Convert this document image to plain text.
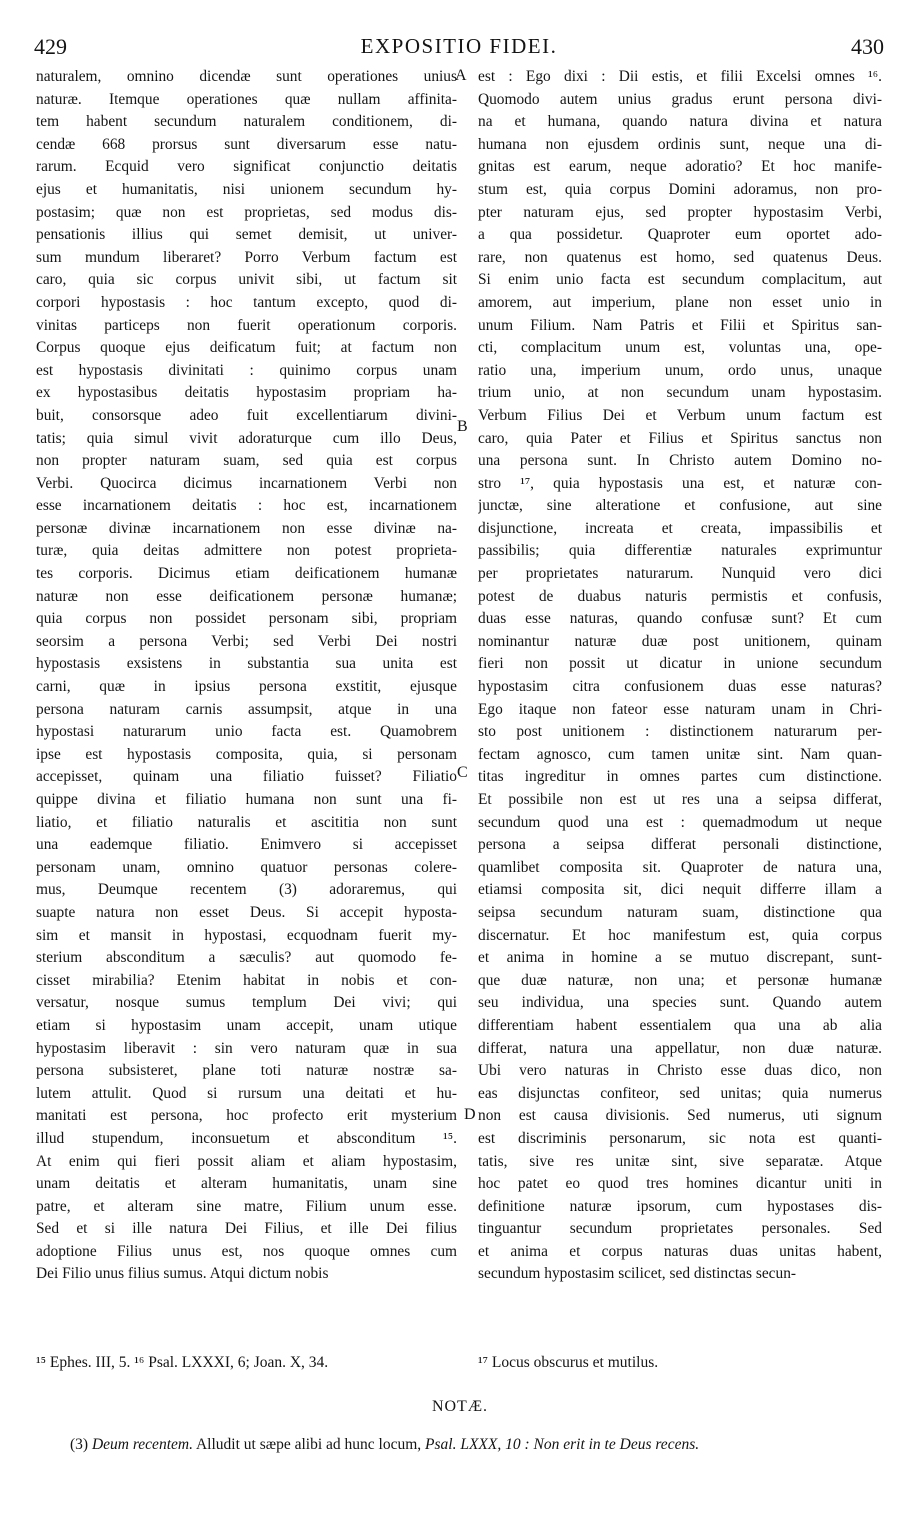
429	EXPOSITIO FIDEI.	430
naturalem, omnino dicendæ sunt operationes unius
naturæ. Itemque operationes quæ nullam affinita-
tem habent secundum naturalem conditionem, di-
cendæ 668 prorsus sunt diversarum esse natu-
rarum. Ecquid vero significat conjunctio deitatis
ejus et humanitatis, nisi unionem secundum hy-
postasim; quæ non est proprietas, sed modus dis-
pensationis illius qui semet demisit, ut univer-
sum mundum liberaret? Porro Verbum factum est
caro, quia sic corpus univit sibi, ut factum sit
corpori hypostasis : hoc tantum excepto, quod di-
vinitas particeps non fuerit operationum corporis.
Corpus quoque ejus deificatum fuit; at factum non
est hypostasis divinitati : quinimo corpus unam
ex hypostasibus deitatis hypostasim propriam ha-
buit, consorsque adeo fuit excellentiarum divini-
tatis; quia simul vivit adoraturque cum illo Deus,
non propter naturam suam, sed quia est corpus
Verbi. Quocirca dicimus incarnationem Verbi non
esse incarnationem deitatis : hoc est, incarnationem
personæ divinæ incarnationem non esse divinæ na-
turæ, quia deitas admittere non potest proprieta-
tes corporis. Dicimus etiam deificationem humanæ
naturæ non esse deificationem personæ humanæ;
quia corpus non possidet personam sibi, propriam
seorsim a persona Verbi; sed Verbi Dei nostri
hypostasis exsistens in substantia sua unita est
carni, quæ in ipsius persona exstitit, ejusque
persona naturam carnis assumpsit, atque in una
hypostasi naturarum unio facta est. Quamobrem
ipse est hypostasis composita, quia, si personam
accepisset, quinam una filiatio fuisset? Filiatio
quippe divina et filiatio humana non sunt una fi-
liatio, et filiatio naturalis et ascititia non sunt
una eademque filiatio. Enimvero si accepisset
personam unam, omnino quatuor personas colere-
mus, Deumque recentem (3) adoraremus, qui
suapte natura non esset Deus. Si accepit hyposta-
sim et mansit in hypostasi, ecquodnam fuerit my-
sterium absconditum a sæculis? aut quomodo fe-
cisset mirabilia? Etenim habitat in nobis et con-
versatur, nosque sumus templum Dei vivi; qui
etiam si hypostasim unam accepit, unam utique
hypostasim liberavit : sin vero naturam quæ in sua
persona subsisteret, plane toti naturæ nostræ sa-
lutem attulit. Quod si rursum una deitati et hu-
manitati est persona, hoc profecto erit mysterium
illud stupendum, inconsuetum et absconditum ¹⁵.
At enim qui fieri possit aliam et aliam hypostasim,
unam deitatis et alteram humanitatis, unam sine
patre, et alteram sine matre, Filium unum esse.
Sed et si ille natura Dei Filius, et ille Dei filius
adoptione Filius unus est, nos quoque omnes cum
Dei Filio unus filius sumus. Atqui dictum nobis
est : Ego dixi : Dii estis, et filii Excelsi omnes ¹⁶.
Quomodo autem unius gradus erunt persona divi-
na et humana, quando natura divina et natura
humana non ejusdem ordinis sunt, neque una di-
gnitas est earum, neque adoratio? Et hoc manife-
stum est, quia corpus Domini adoramus, non pro-
pter naturam ejus, sed propter hypostasim Verbi,
a qua possidetur. Quaproter eum oportet ado-
rare, non quatenus est homo, sed quatenus Deus.
Si enim unio facta est secundum complacitum, aut
amorem, aut imperium, plane non esset unio in
unum Filium. Nam Patris et Filii et Spiritus san-
cti, complacitum unum est, voluntas una, ope-
ratio una, imperium unum, ordo unus, unaque
trium unio, at non secundum unam hypostasim.
Verbum Filius Dei et Verbum unum factum est
caro, quia Pater et Filius et Spiritus sanctus non
una persona sunt. In Christo autem Domino no-
stro ¹⁷, quia hypostasis una est, et naturæ con-
junctæ, sine alteratione et confusione, aut sine
disjunctione, increata et creata, impassibilis et
passibilis; quia differentiæ naturales exprimuntur
per proprietates naturarum. Nunquid vero dici
potest de duabus naturis permistis et confusis,
duas esse naturas, quando confusæ sunt? Et cum
nominantur naturæ duæ post unitionem, quinam
fieri non possit ut dicatur in unione secundum
hypostasim citra confusionem duas esse naturas?
Ego itaque non fateor esse naturam unam in Chri-
sto post unitionem : distinctionem naturarum per-
fectam agnosco, cum tamen unitæ sint. Nam quan-
titas ingreditur in omnes partes cum distinctione.
Et possibile non est ut res una a seipsa differat,
secundum quod una est : quemadmodum ut neque
persona a seipsa differat personali distinctione,
quamlibet composita sit. Quaproter de natura una,
etiamsi composita sit, dici nequit differre illam a
seipsa secundum naturam suam, distinctione qua
discernatur. Et hoc manifestum est, quia corpus
et anima in homine a se mutuo discrepant, sunt-
que duæ naturæ, non una; et personæ humanæ
seu individua, una species sunt. Quando autem
differentiam habent essentialem qua una ab alia
differat, natura una appellatur, non duæ naturæ.
Ubi vero naturas in Christo esse duas dico, non
eas disjunctas confiteor, sed unitas; quia numerus
non est causa divisionis. Sed numerus, uti signum
est discriminis personarum, sic nota est quanti-
tatis, sive res unitæ sint, sive separatæ. Atque
hoc patet eo quod tres homines dicantur uniti in
definitione naturæ ipsorum, cum hypostases dis-
tinguantur secundum proprietates personales. Sed
et anima et corpus naturas duas unitas habent,
secundum hypostasim scilicet, sed distinctas secun-
A
B
C
D
¹⁵ Ephes. III, 5. ¹⁶ Psal. LXXXI, 6; Joan. X, 34.	¹⁷ Locus obscurus et mutilus.
NOTÆ.
(3) Deum recentem. Alludit ut sæpe alibi ad hunc locum, Psal. LXXX, 10 : Non erit in te Deus recens.
